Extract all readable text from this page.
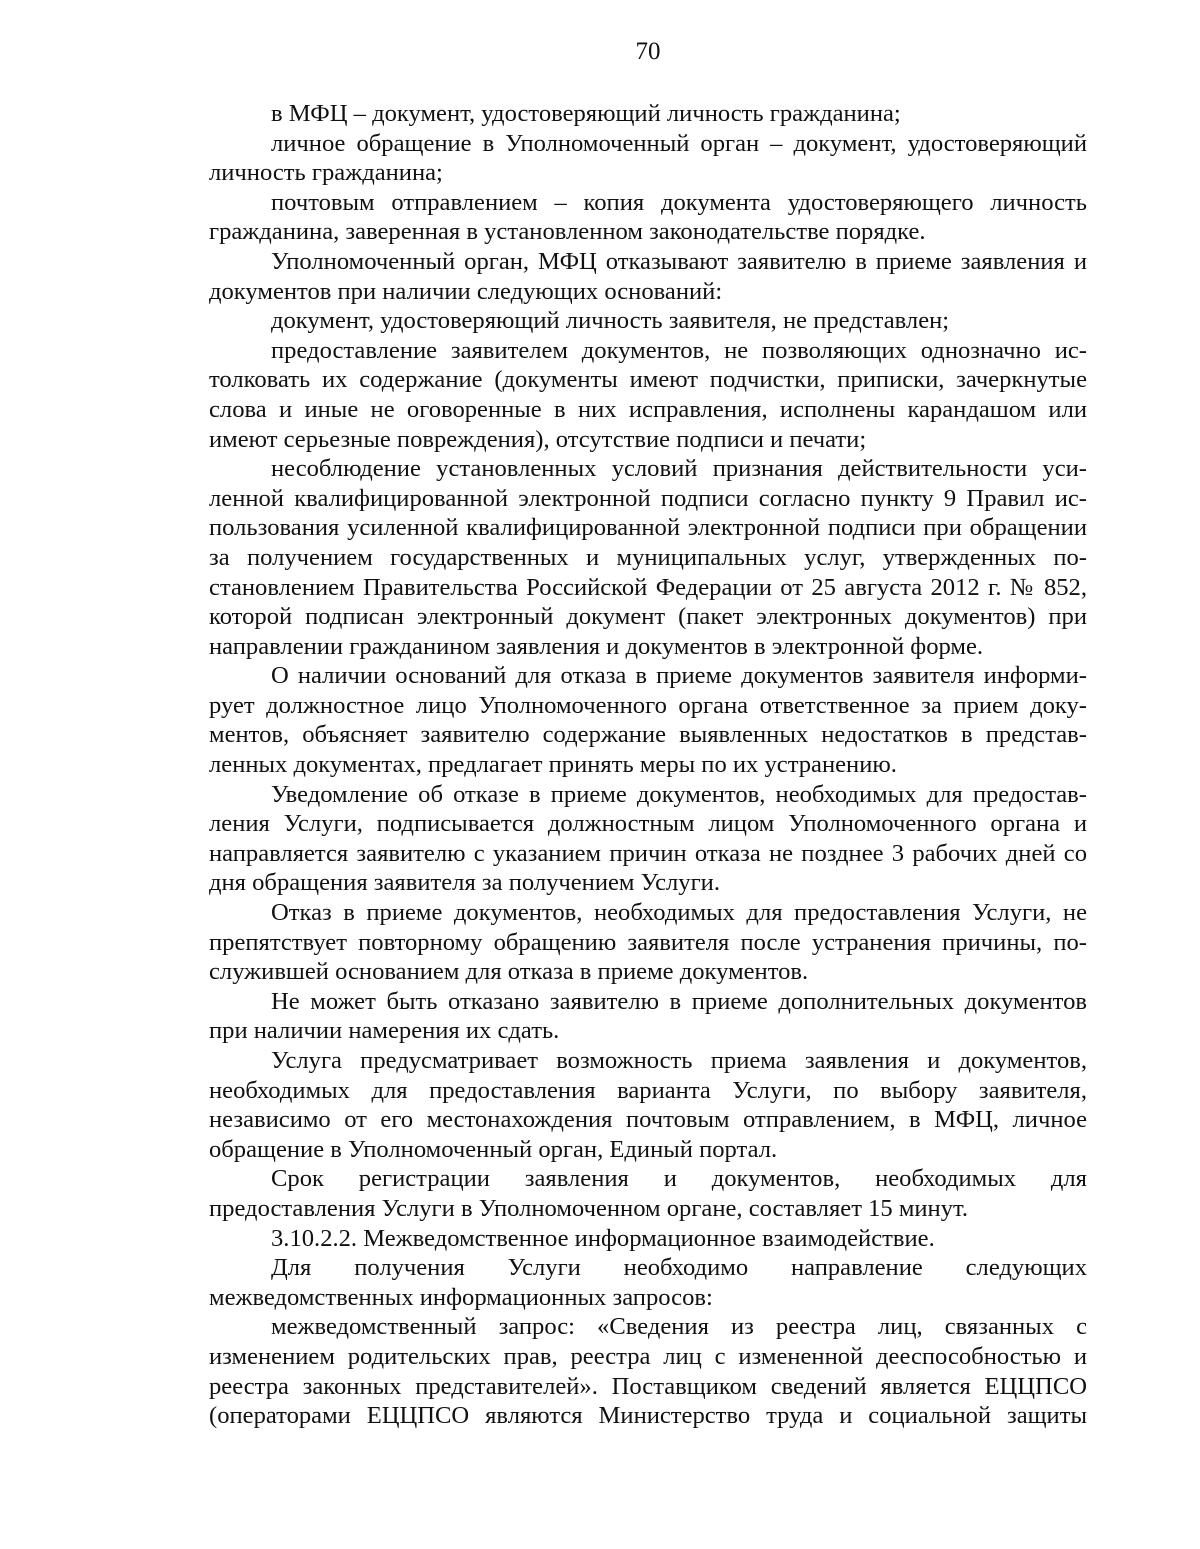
70

в МФЦ – документ, удостоверяющий личность гражданина;

личное обращение в Уполномоченный орган – документ, удостоверяющий личность гражданина;

почтовым отправлением – копия документа удостоверяющего личность гражданина, заверенная в установленном законодательстве порядке.

Уполномоченный орган, МФЦ отказывают заявителю в приеме заявления и документов при наличии следующих оснований:

документ, удостоверяющий личность заявителя, не представлен;

предоставление заявителем документов, не позволяющих однозначно истолковать их содержание (документы имеют подчистки, приписки, зачеркнутые слова и иные не оговоренные в них исправления, исполнены карандашом или имеют серьезные повреждения), отсутствие подписи и печати;

несоблюдение установленных условий признания действительности усиленной квалифицированной электронной подписи согласно пункту 9 Правил использования усиленной квалифицированной электронной подписи при обращении за получением государственных и муниципальных услуг, утвержденных постановлением Правительства Российской Федерации от 25 августа 2012 г. № 852, которой подписан электронный документ (пакет электронных документов) при направлении гражданином заявления и документов в электронной форме.

О наличии оснований для отказа в приеме документов заявителя информирует должностное лицо Уполномоченного органа ответственное за прием документов, объясняет заявителю содержание выявленных недостатков в представленных документах, предлагает принять меры по их устранению.

Уведомление об отказе в приеме документов, необходимых для предоставления Услуги, подписывается должностным лицом Уполномоченного органа и направляется заявителю с указанием причин отказа не позднее 3 рабочих дней со дня обращения заявителя за получением Услуги.

Отказ в приеме документов, необходимых для предоставления Услуги, не препятствует повторному обращению заявителя после устранения причины, послужившей основанием для отказа в приеме документов.

Не может быть отказано заявителю в приеме дополнительных документов при наличии намерения их сдать.

Услуга предусматривает возможность приема заявления и документов, необходимых для предоставления варианта Услуги, по выбору заявителя, независимо от его местонахождения почтовым отправлением, в МФЦ, личное обращение в Уполномоченный орган, Единый портал.

Срок регистрации заявления и документов, необходимых для предоставления Услуги в Уполномоченном органе, составляет 15 минут.

3.10.2.2. Межведомственное информационное взаимодействие.

Для получения Услуги необходимо направление следующих межведомственных информационных запросов:

межведомственный запрос: «Сведения из реестра лиц, связанных с изменением родительских прав, реестра лиц с измененной дееспособностью и реестра законных представителей». Поставщиком сведений является ЕЦЦПСО (операторами ЕЦЦПСО являются Министерство труда и социальной защиты
